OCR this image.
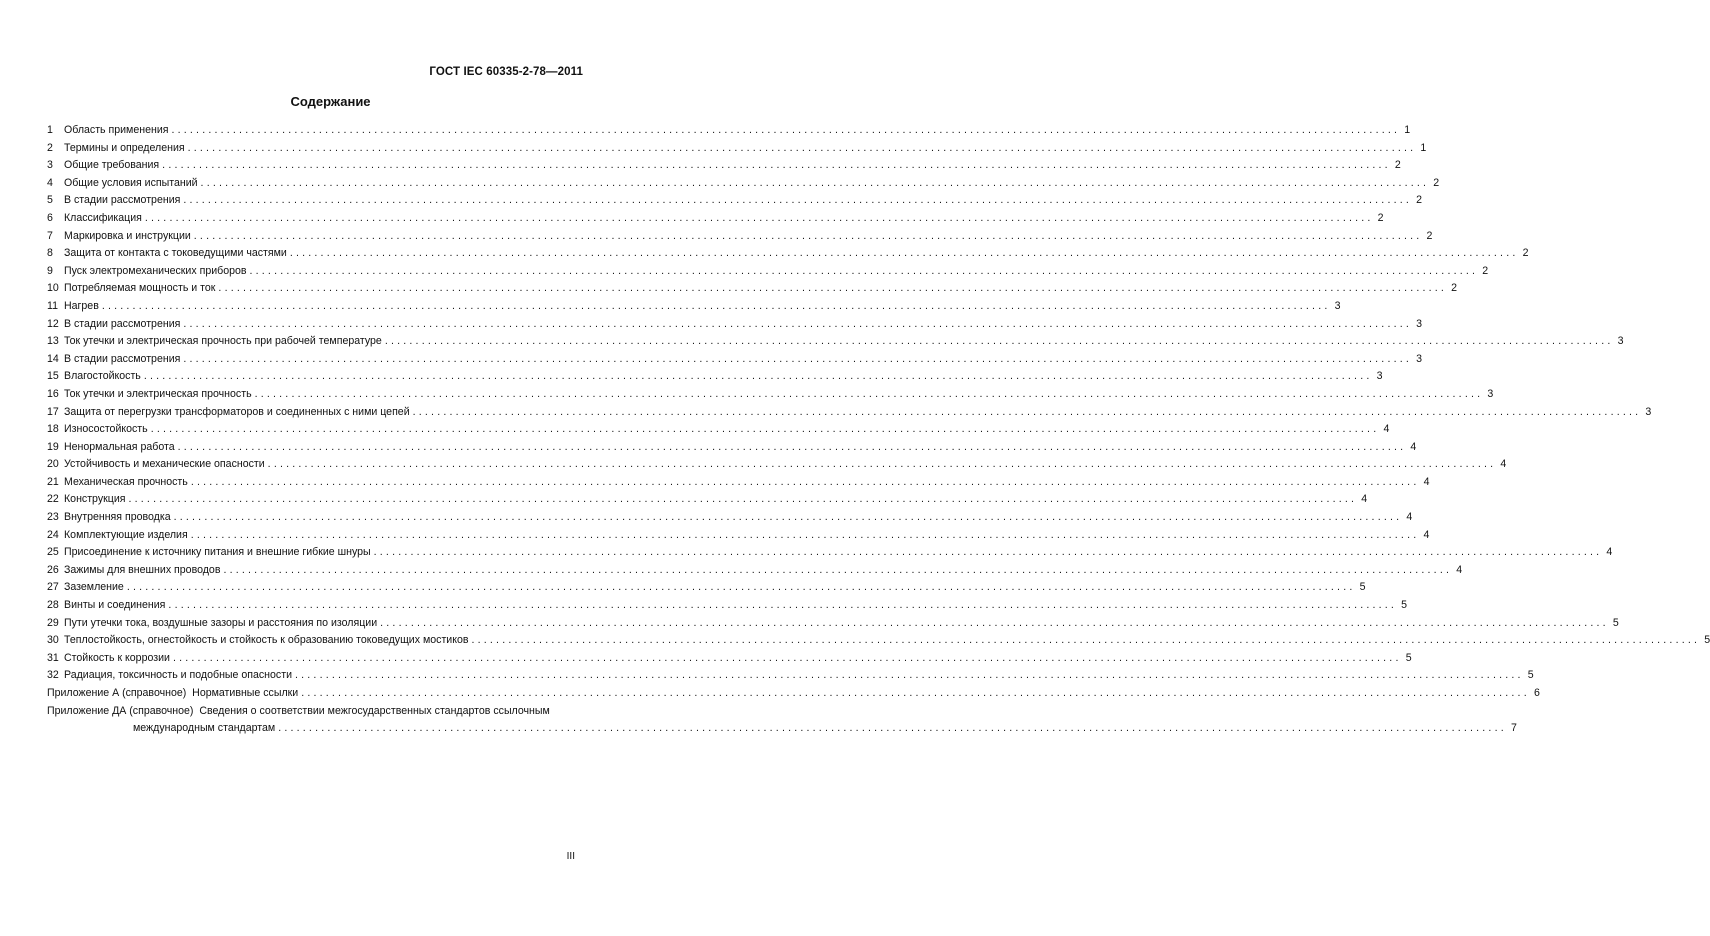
ГОСТ IEC 60335-2-78—2011
Содержание
1	Область применения ........................................................................................................................................................................................................ 1
2	Термины и определения ........................................................................................................................................................................................................ 1
3	Общие требования ........................................................................................................................................................................................................ 2
4	Общие условия испытаний ........................................................................................................................................................................................................ 2
5	В стадии рассмотрения ........................................................................................................................................................................................................ 2
6	Классификация ........................................................................................................................................................................................................ 2
7	Маркировка и инструкции ........................................................................................................................................................................................................ 2
8	Защита от контакта с токоведущими частями ........................................................................................................................................................................................................ 2
9	Пуск электромеханических приборов ........................................................................................................................................................................................................ 2
10 Потребляемая мощность и ток ........................................................................................................................................................................................................ 2
11 Нагрев ........................................................................................................................................................................................................ 3
12 В стадии рассмотрения ........................................................................................................................................................................................................ 3
13 Ток утечки и электрическая прочность при рабочей температуре ........................................................................................................................................................................................................ 3
14 В стадии рассмотрения ........................................................................................................................................................................................................ 3
15 Влагостойкость ........................................................................................................................................................................................................ 3
16 Ток утечки и электрическая прочность ........................................................................................................................................................................................................ 3
17 Защита от перегрузки трансформаторов и соединенных с ними цепей ........................................................................................................................................................................................................ 3
18 Износостойкость ........................................................................................................................................................................................................ 4
19 Ненормальная работа ........................................................................................................................................................................................................ 4
20 Устойчивость и механические опасности ........................................................................................................................................................................................................ 4
21 Механическая прочность ........................................................................................................................................................................................................ 4
22 Конструкция ........................................................................................................................................................................................................ 4
23 Внутренняя проводка ........................................................................................................................................................................................................ 4
24 Комплектующие изделия ........................................................................................................................................................................................................ 4
25 Присоединение к источнику питания и внешние гибкие шнуры ........................................................................................................................................................................................................ 4
26 Зажимы для внешних проводов ........................................................................................................................................................................................................ 4
27 Заземление ........................................................................................................................................................................................................ 5
28 Винты и соединения ........................................................................................................................................................................................................ 5
29 Пути утечки тока, воздушные зазоры и расстояния по изоляции ........................................................................................................................................................................................................ 5
30 Теплостойкость, огнестойкость и стойкость к образованию токоведущих мостиков ........................................................................................................................................................................................................ 5
31 Стойкость к коррозии ........................................................................................................................................................................................................ 5
32 Радиация, токсичность и подобные опасности ........................................................................................................................................................................................................ 5
Приложение А (справочное)  Нормативные ссылки ........................................................................................................................................................................................................ 6
Приложение ДА (справочное)  Сведения о соответствии межгосударственных стандартов ссылочным
международным стандартам ........................................................................................................................................................................................................ 7
III
